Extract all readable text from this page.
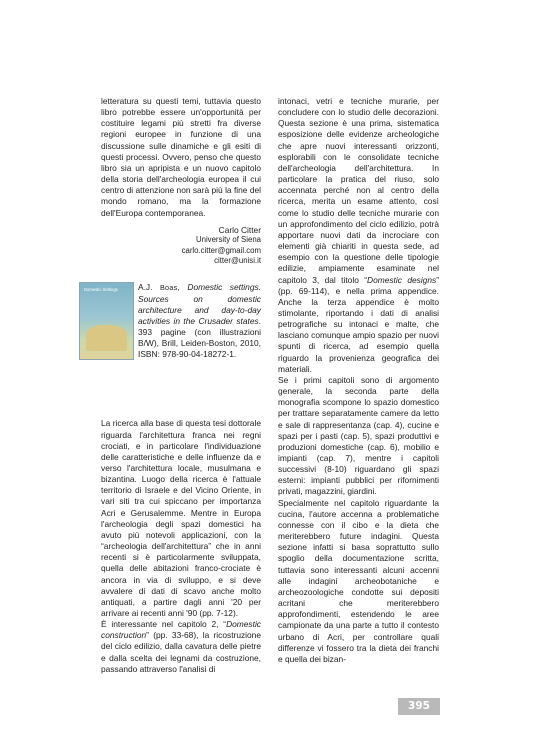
letteratura su questi temi, tuttavia questo libro potrebbe essere un'opportunità per costituire legami più stretti fra diverse regioni europee in funzione di una discussione sulle dinamiche e gli esiti di questi processi. Ovvero, penso che questo libro sia un apripista e un nuovo capitolo della storia dell'archeologia europea il cui centro di attenzione non sarà più la fine del mondo romano, ma la formazione dell'Europa contemporanea.

Carlo Citter
University of Siena
carlo.citter@gmail.com
citter@unisi.it
Domestic Settings	A.J. Boas, Domestic settings. Sources on domestic architecture and day-to-day activities in the Crusader states. 393 pagine (con illustrazioni B/W), Brill, Leiden-Boston, 2010, ISBN: 978-90-04-18272-1.

La ricerca alla base di questa tesi dottorale riguarda l'architettura franca nei regni crociati, e in particolare l'individuazione delle caratteristiche e delle influenze da e verso l'architettura locale, musulmana e bizantina. Luogo della ricerca è l'attuale territorio di Israele e del Vicino Oriente, in vari siti tra cui spiccano per importanza Acri e Gerusalemme. Mentre in Europa l'archeologia degli spazi domestici ha avuto più notevoli applicazioni, con la “archeologia dell'architettura” che in anni recenti si è particolarmente sviluppata, quella delle abitazioni franco-crociate è ancora in via di sviluppo, e si deve avvalere di dati di scavo anche molto antiquati, a partire dagli anni '20 per arrivare ai recenti anni '90 (pp. 7-12).

È interessante nel capitolo 2, “Domestic construction” (pp. 33-68), la ricostruzione del ciclo edilizio, dalla cavatura delle pietre e dalla scelta dei legnami da costruzione, passando attraverso l'analisi di

intonaci, vetri e tecniche murarie, per concludere con lo studio delle decorazioni. Questa sezione è una prima, sistematica esposizione delle evidenze archeologiche che apre nuovi interessanti orizzonti, esplorabili con le consolidate tecniche dell'archeologia dell'architettura. In particolare la pratica del riuso, solo accennata perché non al centro della ricerca, merita un esame attento, così come lo studio delle tecniche murarie con un approfondimento del ciclo edilizio, potrà apportare nuovi dati da incrociare con elementi già chiariti in questa sede, ad esempio con la questione delle tipologie edilizie, ampiamente esaminate nel capitolo 3, dal titolo “Domestic designs” (pp. 69-114), e nella prima appendice. Anche la terza appendice è molto stimolante, riportando i dati di analisi petrografiche su intonaci e malte, che lasciano comunque ampio spazio per nuovi spunti di ricerca, ad esempio quella riguardo la provenienza geografica dei materiali.

Se i primi capitoli sono di argomento generale, la seconda parte della monografia scompone lo spazio domestico per trattare separatamente camere da letto e sale di rappresentanza (cap. 4), cucine e spazi per i pasti (cap. 5), spazi produttivi e produzioni domestiche (cap. 6), mobilio e impianti (cap. 7), mentre i capitoli successivi (8-10) riguardano gli spazi esterni: impianti pubblici per rifornimenti privati, magazzini, giardini.

Specialmente nel capitolo riguardante la cucina, l'autore accenna a problematiche connesse con il cibo e la dieta che meriterebbero future indagini. Questa sezione infatti si basa soprattutto sullo spoglio della documentazione scritta, tuttavia sono interessanti alcuni accenni alle indagini archeobotaniche e archeozoologiche condotte sui depositi acritani che meriterebbero approfondimenti, estendendo le aree campionate da una parte a tutto il contesto urbano di Acri, per controllare quali differenze vi fossero tra la dieta dei franchi e quella dei bizan-

395
